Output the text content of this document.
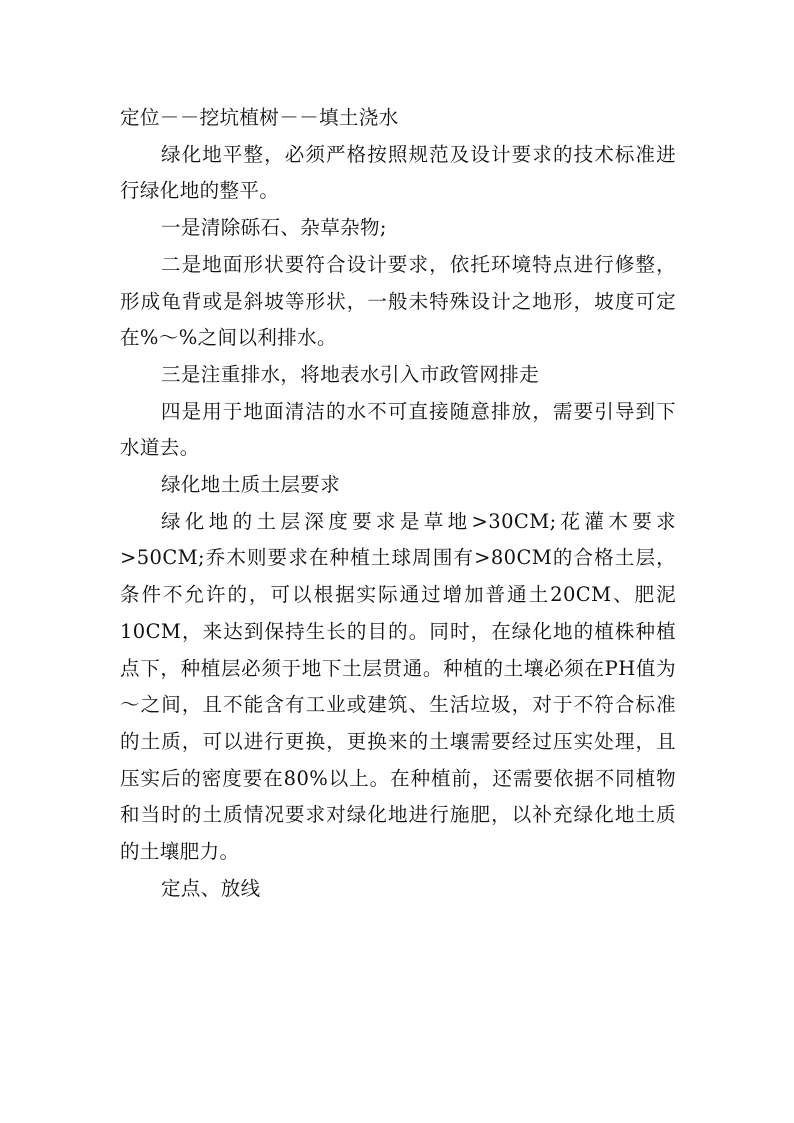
定位－－挖坑植树－－填土浇水

绿化地平整，必须严格按照规范及设计要求的技术标准进行绿化地的整平。

一是清除砾石、杂草杂物;

二是地面形状要符合设计要求，依托环境特点进行修整，形成龟背或是斜坡等形状，一般未特殊设计之地形，坡度可定在%～%之间以利排水。

三是注重排水，将地表水引入市政管网排走

四是用于地面清洁的水不可直接随意排放，需要引导到下水道去。

绿化地土质土层要求

绿化地的土层深度要求是草地>30CM;花灌木要求>50CM;乔木则要求在种植土球周围有>80CM的合格土层，条件不允许的，可以根据实际通过增加普通土20CM、肥泥10CM，来达到保持生长的目的。同时，在绿化地的植株种植点下，种植层必须于地下土层贯通。种植的土壤必须在PH值为～之间，且不能含有工业或建筑、生活垃圾，对于不符合标准的土质，可以进行更换，更换来的土壤需要经过压实处理，且压实后的密度要在80%以上。在种植前，还需要依据不同植物和当时的土质情况要求对绿化地进行施肥，以补充绿化地土质的土壤肥力。

定点、放线
